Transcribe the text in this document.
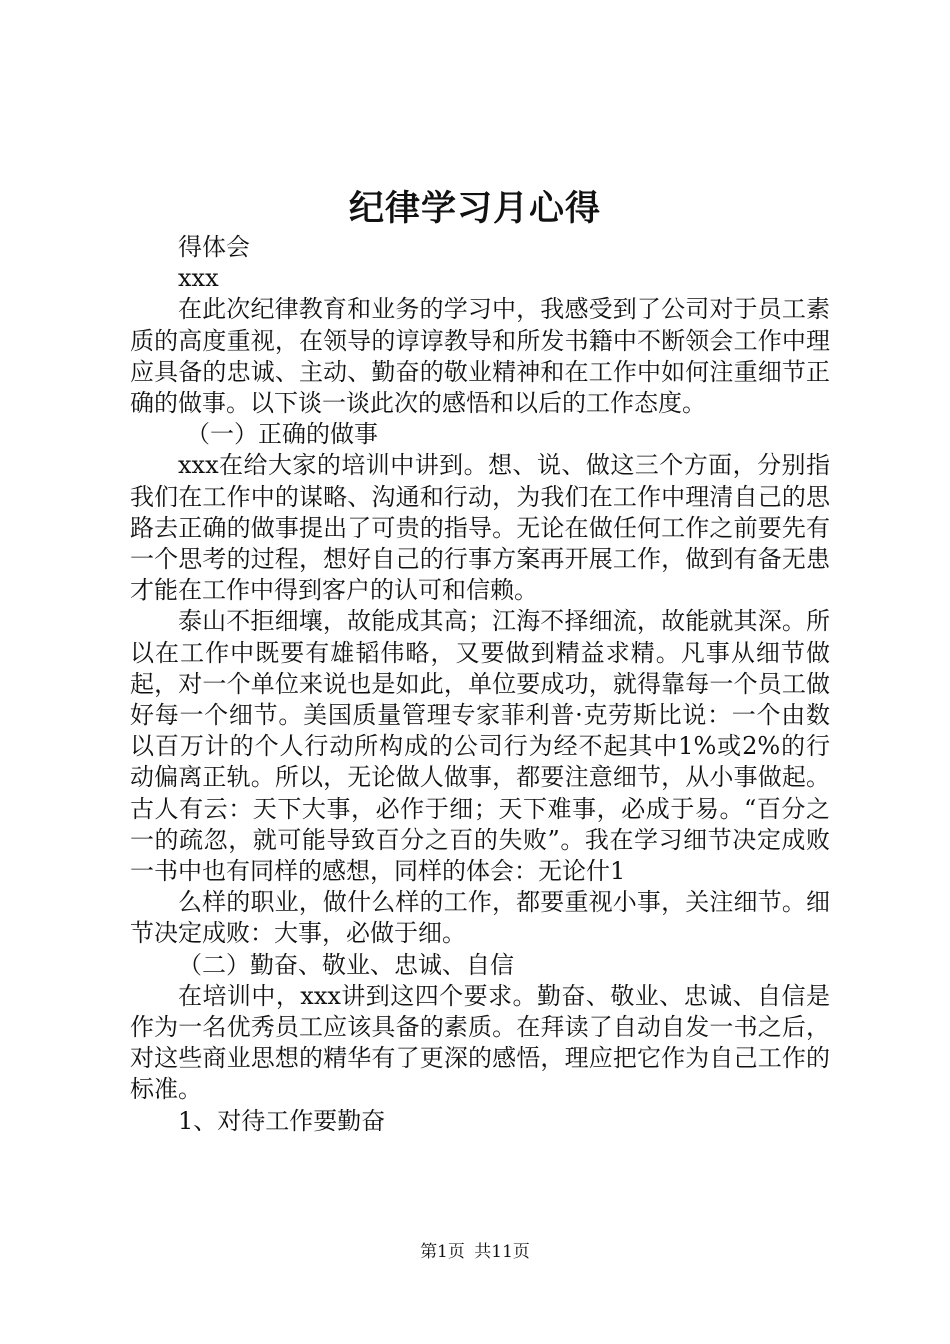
纪律学习月心得

得体会

xxx

在此次纪律教育和业务的学习中，我感受到了公司对于员工素质的高度重视，在领导的谆谆教导和所发书籍中不断领会工作中理应具备的忠诚、主动、勤奋的敬业精神和在工作中如何注重细节正确的做事。以下谈一谈此次的感悟和以后的工作态度。

（一）正确的做事

xxx在给大家的培训中讲到。想、说、做这三个方面，分别指我们在工作中的谋略、沟通和行动，为我们在工作中理清自己的思路去正确的做事提出了可贵的指导。无论在做任何工作之前要先有一个思考的过程，想好自己的行事方案再开展工作，做到有备无患才能在工作中得到客户的认可和信赖。

泰山不拒细壤，故能成其高；江海不择细流，故能就其深。所以在工作中既要有雄韬伟略，又要做到精益求精。凡事从细节做起，对一个单位来说也是如此，单位要成功，就得靠每一个员工做好每一个细节。美国质量管理专家菲利普·克劳斯比说：一个由数以百万计的个人行动所构成的公司行为经不起其中1%或2%的行动偏离正轨。所以，无论做人做事，都要注意细节，从小事做起。古人有云：天下大事，必作于细；天下难事，必成于易。“百分之一的疏忽，就可能导致百分之百的失败”。我在学习细节决定成败一书中也有同样的感想，同样的体会：无论什1

么样的职业，做什么样的工作，都要重视小事，关注细节。细节决定成败：大事，必做于细。

（二）勤奋、敬业、忠诚、自信

在培训中，xxx讲到这四个要求。勤奋、敬业、忠诚、自信是作为一名优秀员工应该具备的素质。在拜读了自动自发一书之后，对这些商业思想的精华有了更深的感悟，理应把它作为自己工作的标准。

1、对待工作要勤奋

第1页 共11页
